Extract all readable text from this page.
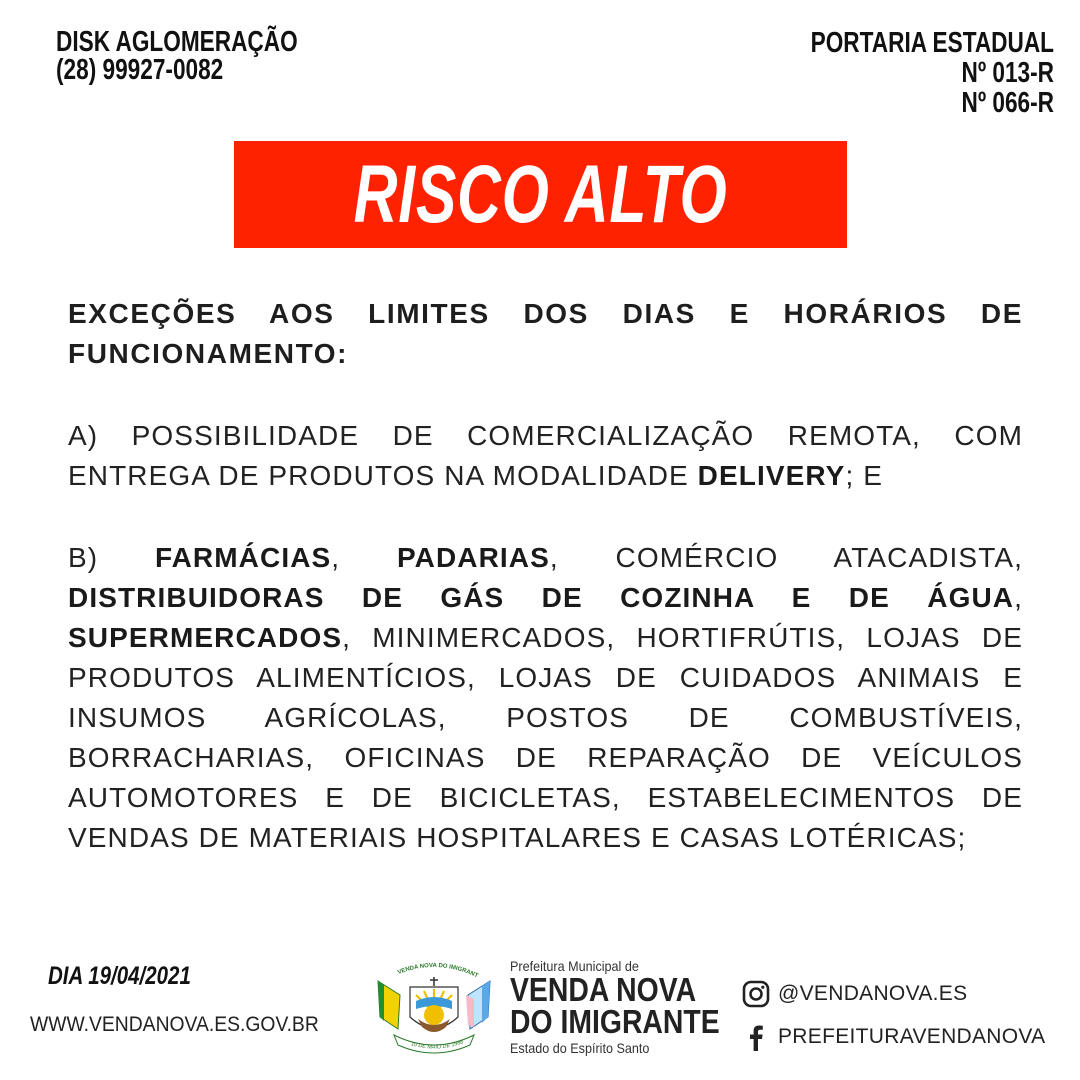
DISK AGLOMERAÇÃO
(28) 99927-0082
PORTARIA ESTADUAL
Nº 013-R
Nº 066-R
RISCO ALTO

EXCEÇÕES AOS LIMITES DOS DIAS E HORÁRIOS DE FUNCIONAMENTO:

A) POSSIBILIDADE DE COMERCIALIZAÇÃO REMOTA, COM ENTREGA DE PRODUTOS NA MODALIDADE DELIVERY; E

B) FARMÁCIAS, PADARIAS, COMÉRCIO ATACADISTA, DISTRIBUIDORAS DE GÁS DE COZINHA E DE ÁGUA, SUPERMERCADOS, MINIMERCADOS, HORTIFRÚTIS, LOJAS DE PRODUTOS ALIMENTÍCIOS, LOJAS DE CUIDADOS ANIMAIS E INSUMOS AGRÍCOLAS, POSTOS DE COMBUSTÍVEIS, BORRACHARIAS, OFICINAS DE REPARAÇÃO DE VEÍCULOS AUTOMOTORES E DE BICICLETAS, ESTABELECIMENTOS DE VENDAS DE MATERIAIS HOSPITALARES E CASAS LOTÉRICAS;

DIA 19/04/2021
WWW.VENDANOVA.ES.GOV.BR
VENDA NOVA DO IMIGRANT
10 DE MAIO DE 1988
Prefeitura Municipal de
VENDA NOVA
DO IMIGRANTE
Estado do Espírito Santo
@VENDANOVA.ES
PREFEITURAVENDANOVA
